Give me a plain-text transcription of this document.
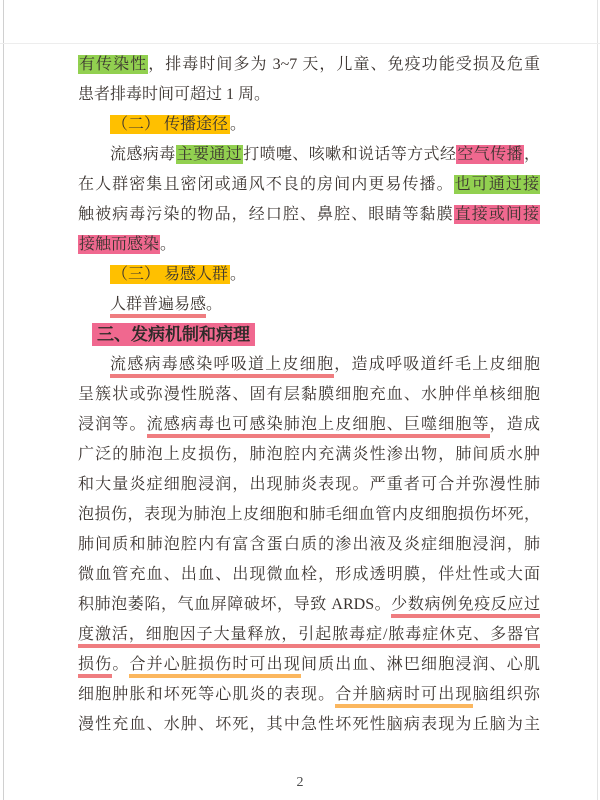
有传染性，排毒时间多为 3~7 天，儿童、免疫功能受损及危重
患者排毒时间可超过 1 周。
（二） 传播途径 。
流感病毒主要通过打喷嚏、咳嗽和说话等方式经空气传播，
在人群密集且密闭或通风不良的房间内更易传播。也可通过接
触被病毒污染的物品，经口腔、鼻腔、眼睛等黏膜直接或间接
接触而感染。
（三） 易感人群 。
人群普遍易感。
三、发病机制和病理
流感病毒感染呼吸道上皮细胞，造成呼吸道纤毛上皮细胞
呈簇状或弥漫性脱落、固有层黏膜细胞充血、水肿伴单核细胞
浸润等。流感病毒也可感染肺泡上皮细胞、巨噬细胞等，造成
广泛的肺泡上皮损伤，肺泡腔内充满炎性渗出物，肺间质水肿
和大量炎症细胞浸润，出现肺炎表现。严重者可合并弥漫性肺
泡损伤，表现为肺泡上皮细胞和肺毛细血管内皮细胞损伤坏死，
肺间质和肺泡腔内有富含蛋白质的渗出液及炎症细胞浸润，肺
微血管充血、出血、出现微血栓，形成透明膜，伴灶性或大面
积肺泡萎陷，气血屏障破坏，导致 ARDS。少数病例免疫反应过
度激活，细胞因子大量释放，引起脓毒症/脓毒症休克、多器官
损伤。合并心脏损伤时可出现间质出血、淋巴细胞浸润、心肌
细胞肿胀和坏死等心肌炎的表现。合并脑病时可出现脑组织弥
漫性充血、水肿、坏死，其中急性坏死性脑病表现为丘脑为主
2
